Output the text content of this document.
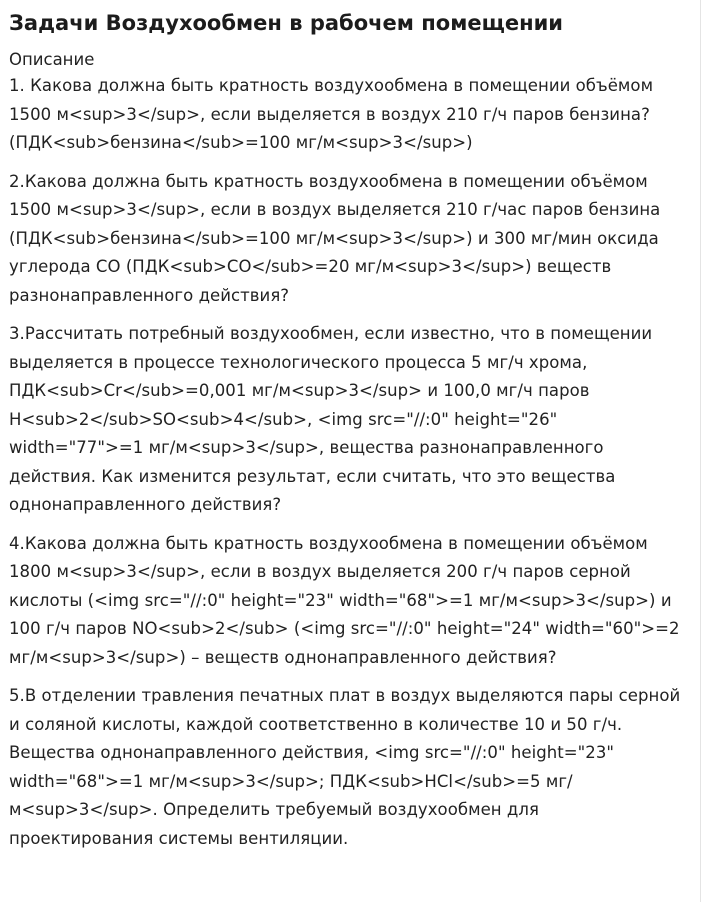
Задачи Воздухообмен в рабочем помещении
Описание

1. Какова должна быть кратность воздухообмена в помещении объёмом 1500 м<sup>3</sup>, если выделяется в воздух 210 г/ч паров бензина? (ПДК<sub>бензина</sub>=100 мг/м<sup>3</sup>)

2.Какова должна быть кратность воздухообмена в помещении объёмом 1500 м<sup>3</sup>, если в воздух выделяется 210 г/час паров бензина (ПДК<sub>бензина</sub>=100 мг/м<sup>3</sup>) и 300 мг/мин оксида углерода СО (ПДК<sub>CO</sub>=20 мг/м<sup>3</sup>) веществ разнонаправленного действия?

3.Рассчитать потребный воздухообмен, если известно, что в помещении выделяется в процессе технологического процесса 5 мг/ч хрома, ПДК<sub>Cr</sub>=0,001 мг/м<sup>3</sup> и 100,0 мг/ч паров H<sub>2</sub>SO<sub>4</sub>, <img src="//:0" height="26" width="77">=1 мг/м<sup>3</sup>, вещества разнонаправленного действия. Как изменится результат, если считать, что это вещества однонаправленного действия?

4.Какова должна быть кратность воздухообмена в помещении объёмом 1800 м<sup>3</sup>, если в воздух выделяется 200 г/ч паров серной кислоты (<img src="//:0" height="23" width="68">=1 мг/м<sup>3</sup>) и 100 г/ч паров NO<sub>2</sub> (<img src="//:0" height="24" width="60">=2 мг/м<sup>3</sup>) – веществ однонаправленного действия?

5.В отделении травления печатных плат в воздух выделяются пары серной и соляной кислоты, каждой соответственно в количестве 10 и 50 г/ч. Вещества однонаправленного действия, <img src="//:0" height="23" width="68">=1 мг/м<sup>3</sup>; ПДК<sub>HCl</sub>=5 мг/м<sup>3</sup>. Определить требуемый воздухообмен для проектирования системы вентиляции.
